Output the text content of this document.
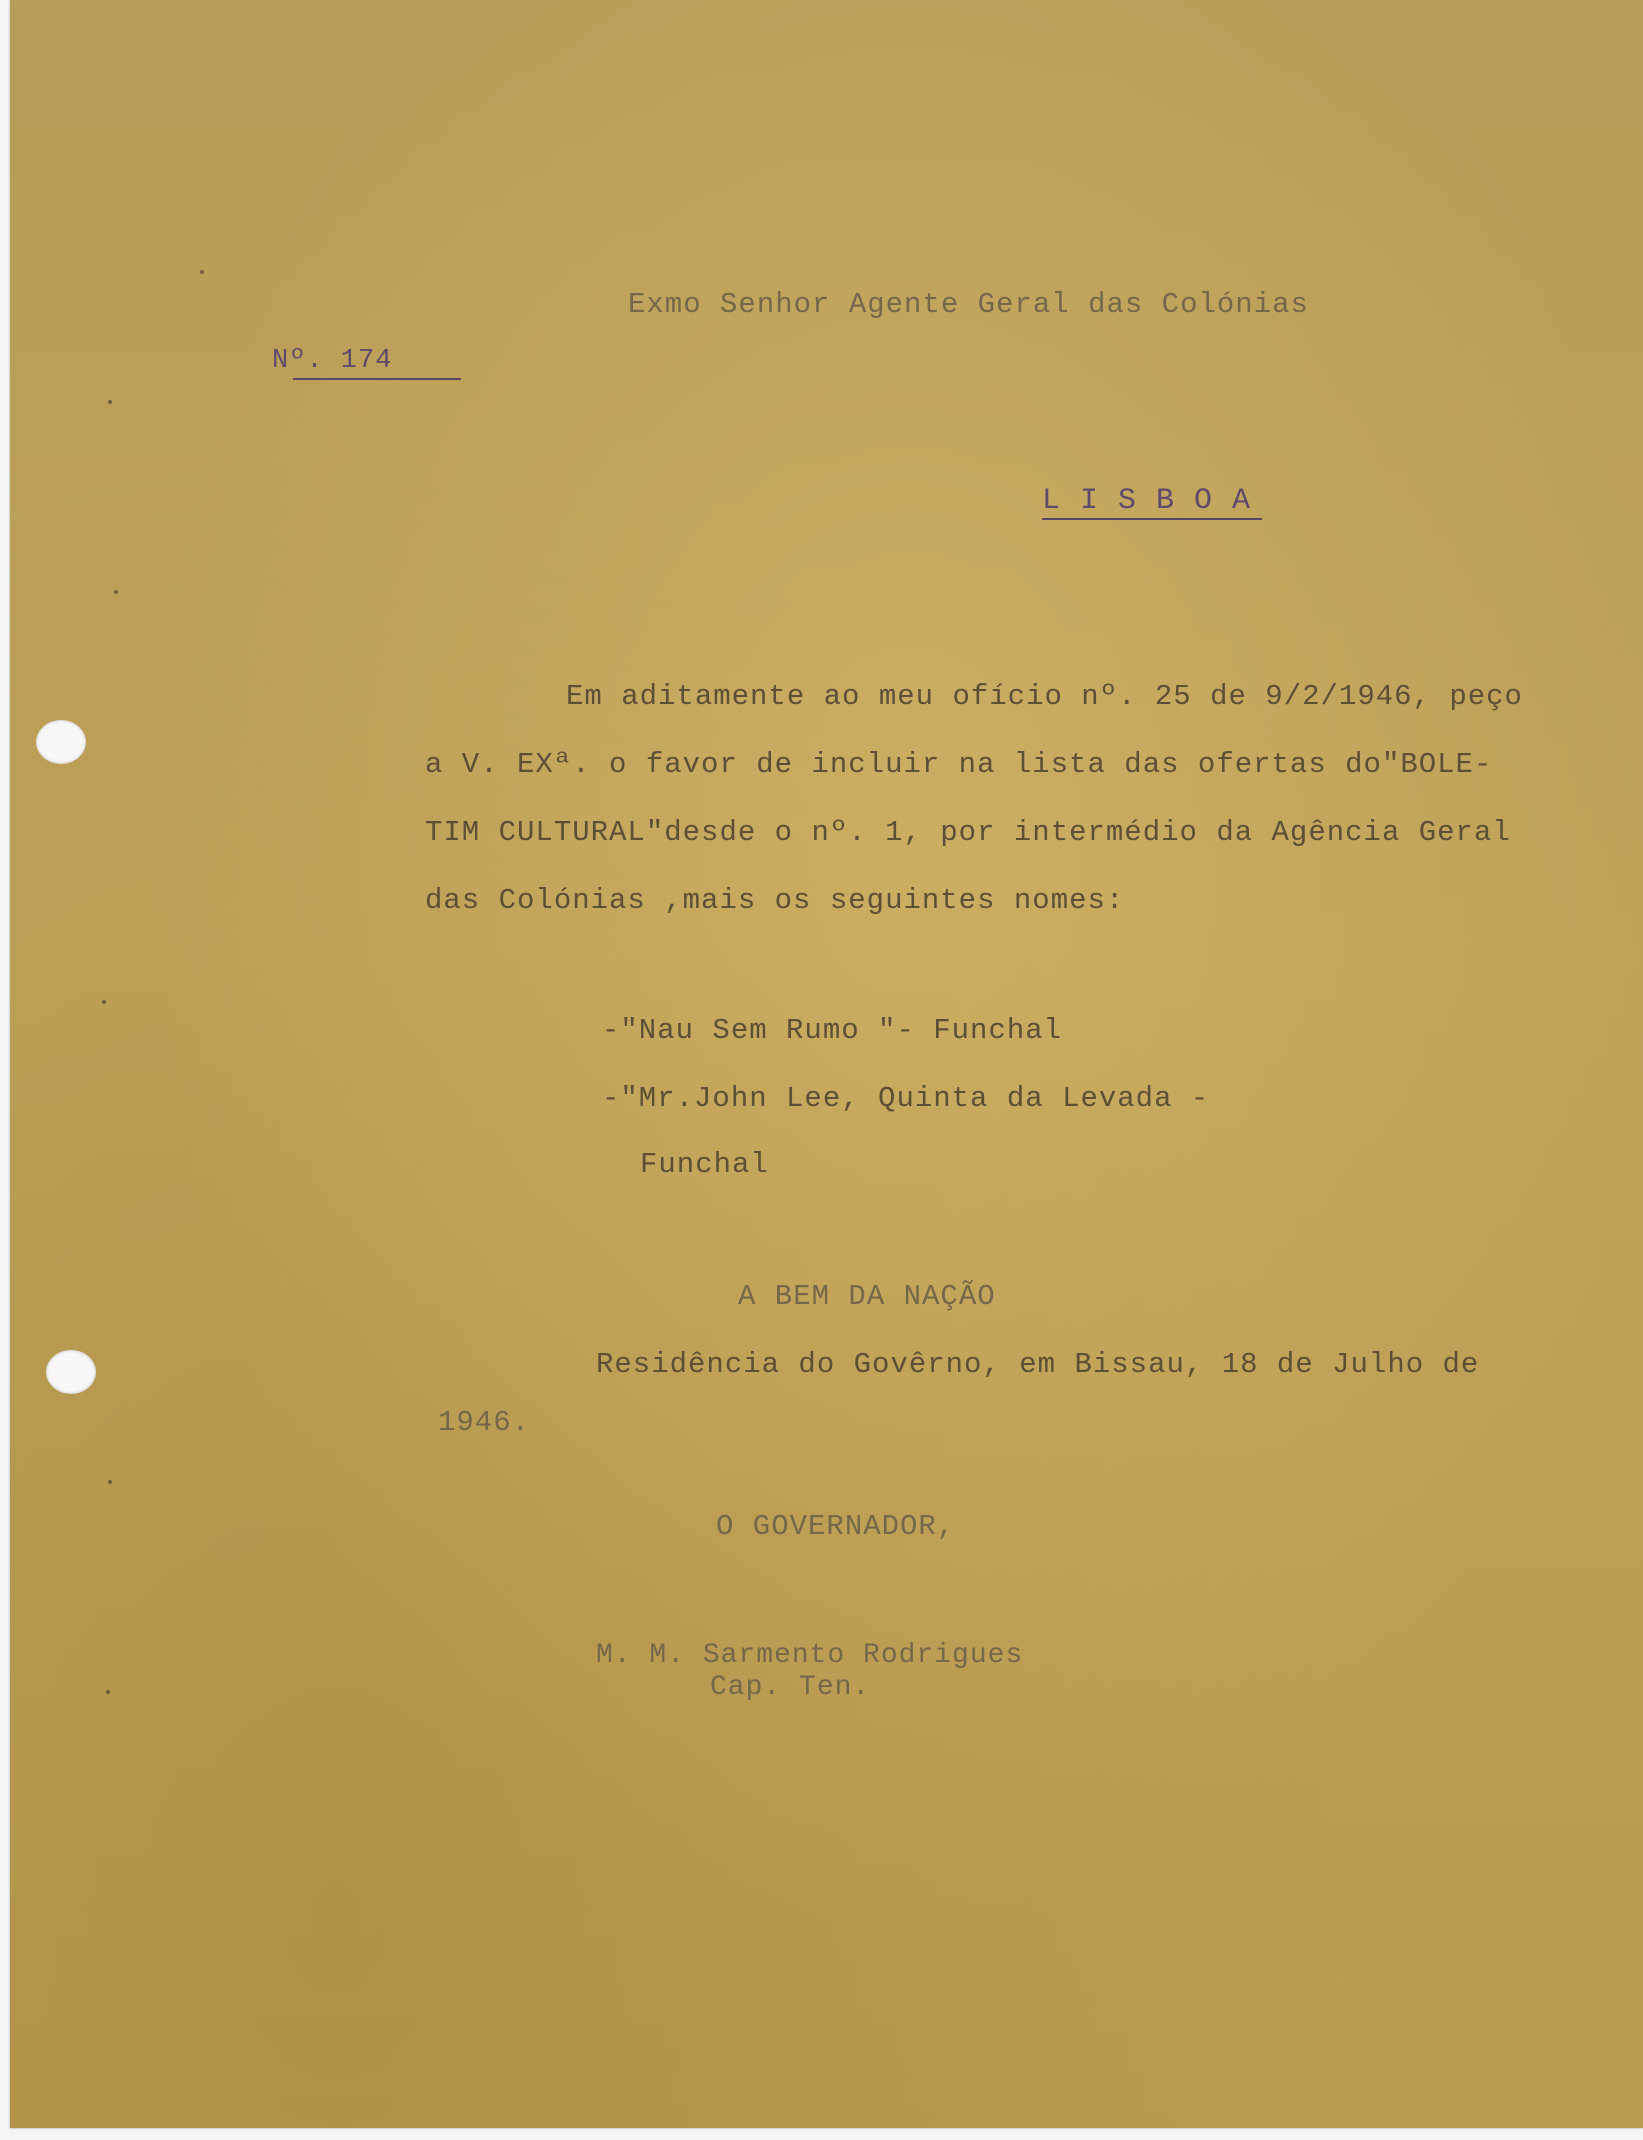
Exmo Senhor Agente Geral das Colónias
Nº. 174
L I S B O A
Em aditamente ao meu ofício nº. 25 de 9/2/1946, peço
a V. EXª. o favor de incluir na lista das ofertas do"BOLE-
TIM CULTURAL"desde o nº. 1, por intermédio da Agência Geral
das Colónias ,mais os seguintes nomes:
-"Nau Sem Rumo "- Funchal
-"Mr.John Lee, Quinta da Levada -
Funchal
A BEM DA NAÇÃO
Residência do Govêrno, em Bissau, 18 de Julho de
1946.
O GOVERNADOR,
M. M. Sarmento Rodrigues
Cap. Ten.
